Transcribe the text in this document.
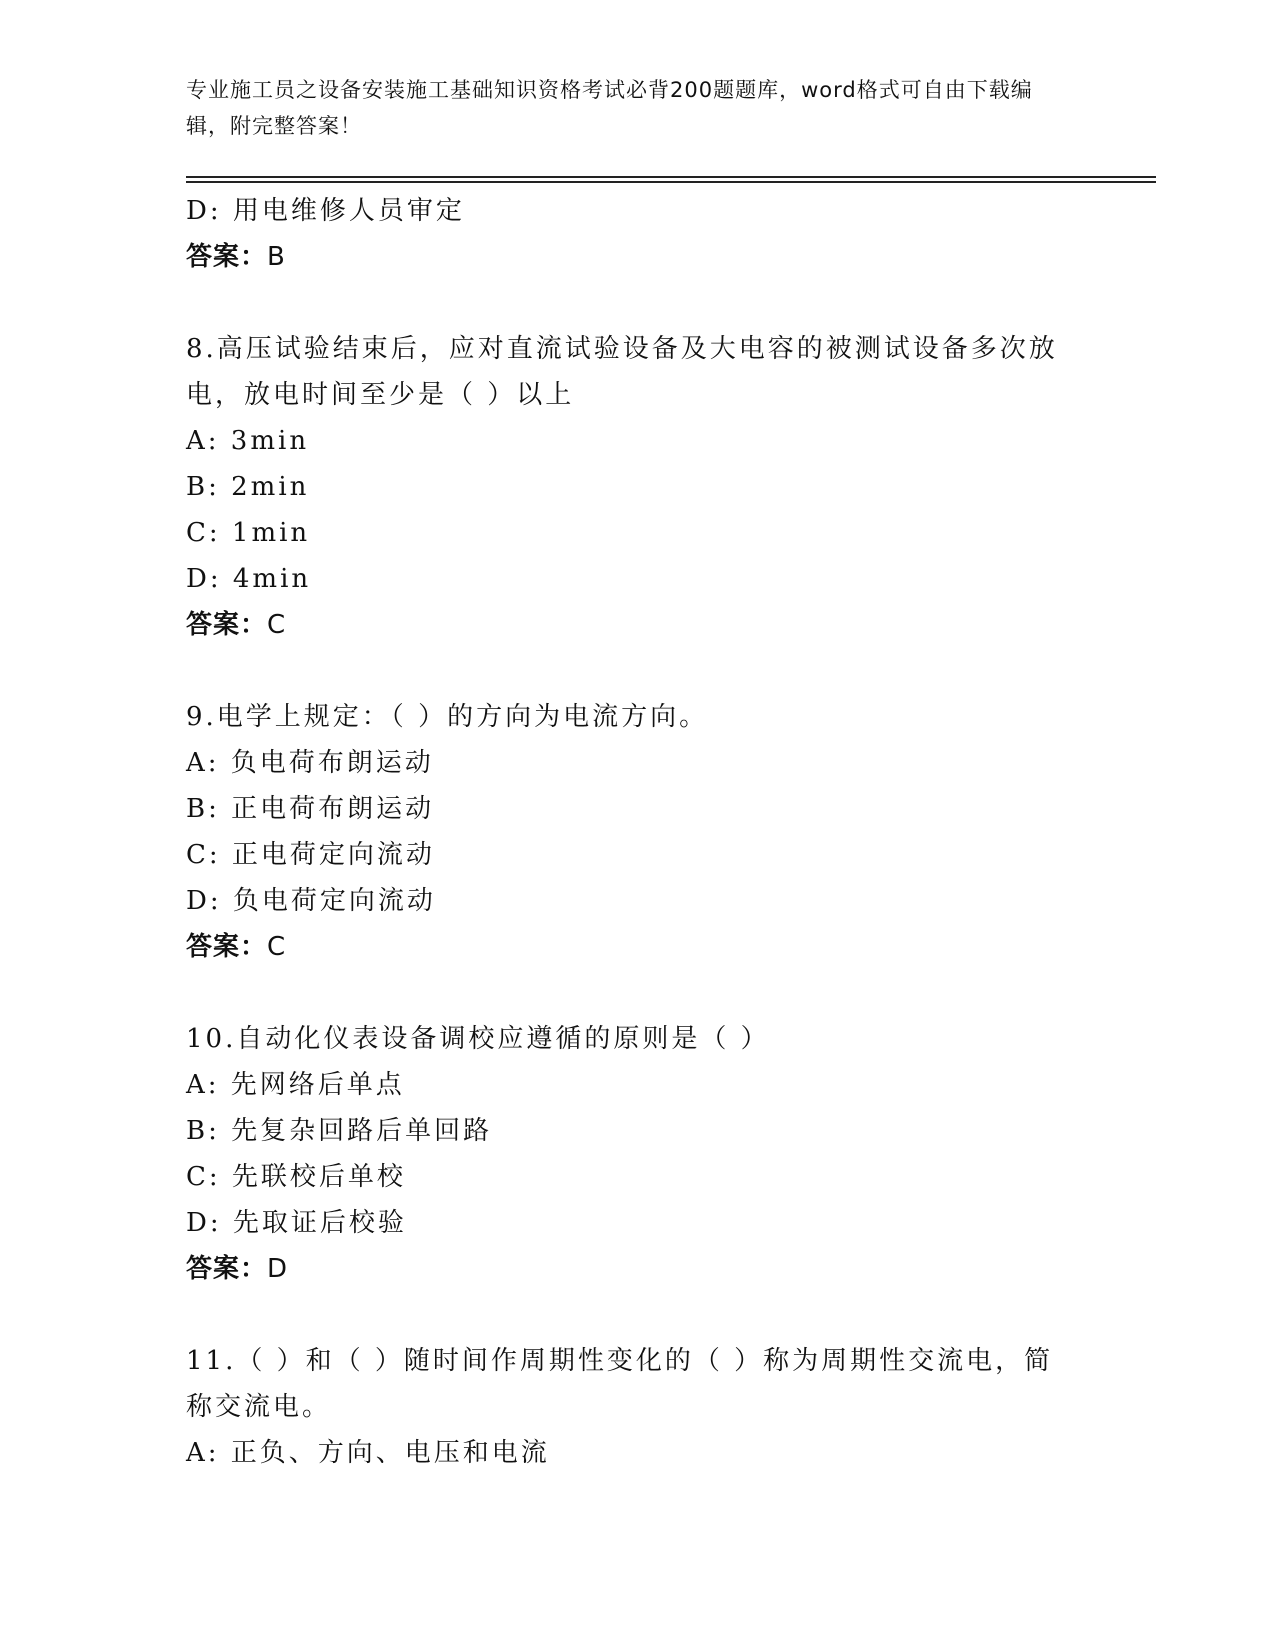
专业施工员之设备安装施工基础知识资格考试必背200题题库，word格式可自由下载编辑，附完整答案！
D: 用电维修人员审定
答案：B
8.高压试验结束后，应对直流试验设备及大电容的被测试设备多次放电，放电时间至少是（ ）以上
A: 3min
B: 2min
C: 1min
D: 4min
答案：C
9.电学上规定：（ ）的方向为电流方向。
A: 负电荷布朗运动
B: 正电荷布朗运动
C: 正电荷定向流动
D: 负电荷定向流动
答案：C
10.自动化仪表设备调校应遵循的原则是（ ）
A: 先网络后单点
B: 先复杂回路后单回路
C: 先联校后单校
D: 先取证后校验
答案：D
11.（ ）和（ ）随时间作周期性变化的（ ）称为周期性交流电，简称交流电。
A: 正负、方向、电压和电流
